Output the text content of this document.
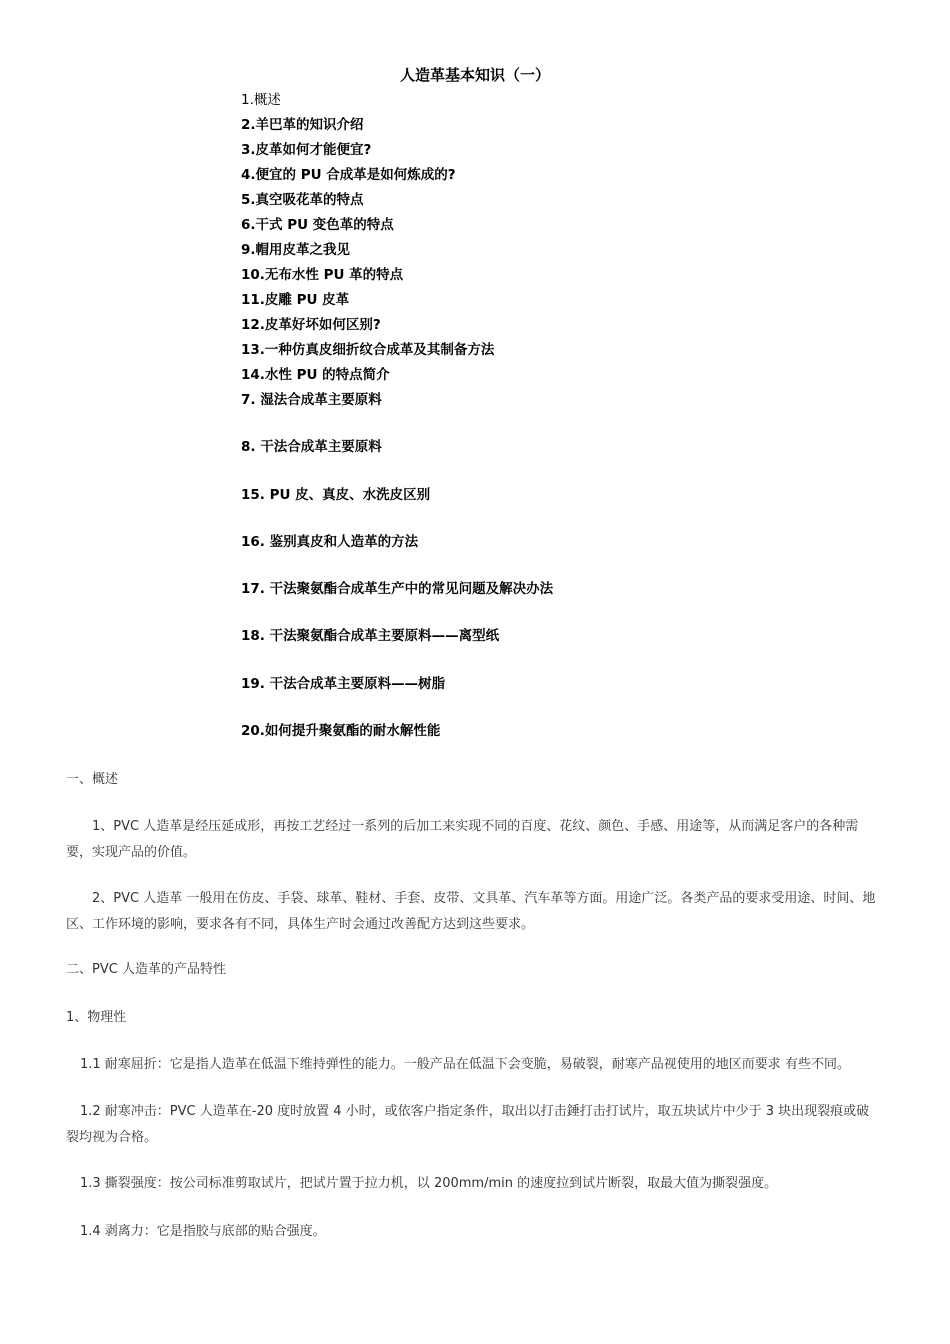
人造革基本知识（一）
1.概述
2.羊巴革的知识介绍
3.皮革如何才能便宜?
4.便宜的 PU 合成革是如何炼成的?
5.真空吸花革的特点
6.干式 PU 变色革的特点
9.帽用皮革之我见
10.无布水性 PU 革的特点
11.皮雕 PU 皮革
12.皮革好坏如何区别?
13.一种仿真皮细折纹合成革及其制备方法
14.水性 PU 的特点简介
7. 湿法合成革主要原料
8. 干法合成革主要原料
15. PU 皮、真皮、水洗皮区别
16. 鉴别真皮和人造革的方法
17. 干法聚氨酯合成革生产中的常见问题及解决办法
18. 干法聚氨酯合成革主要原料——离型纸
19. 干法合成革主要原料——树脂
20.如何提升聚氨酯的耐水解性能

一、概述

1、PVC 人造革是经压延成形，再按工艺经过一系列的后加工来实现不同的百度、花纹、颜色、手感、用途等，从而满足客户的各种需要，实现产品的价值。

2、PVC 人造革 一般用在仿皮、手袋、球革、鞋材、手套、皮带、文具革、汽车革等方面。用途广泛。各类产品的要求受用途、时间、地区、工作环境的影响，要求各有不同，具体生产时会通过改善配方达到这些要求。

二、PVC 人造革的产品特性

1、物理性

1.1 耐寒屈折：它是指人造革在低温下维持弹性的能力。一般产品在低温下会变脆，易破裂，耐寒产品视使用的地区而要求 有些不同。

1.2 耐寒冲击：PVC 人造革在-20 度时放置 4 小时，或依客户指定条件，取出以打击錘打击打试片，取五块试片中少于 3 块出现裂痕或破裂均视为合格。

1.3 撕裂强度：按公司标准剪取试片，把试片置于拉力机，以 200mm/min 的速度拉到试片断裂，取最大值为撕裂强度。

1.4 剥离力：它是指胶与底部的贴合强度。
